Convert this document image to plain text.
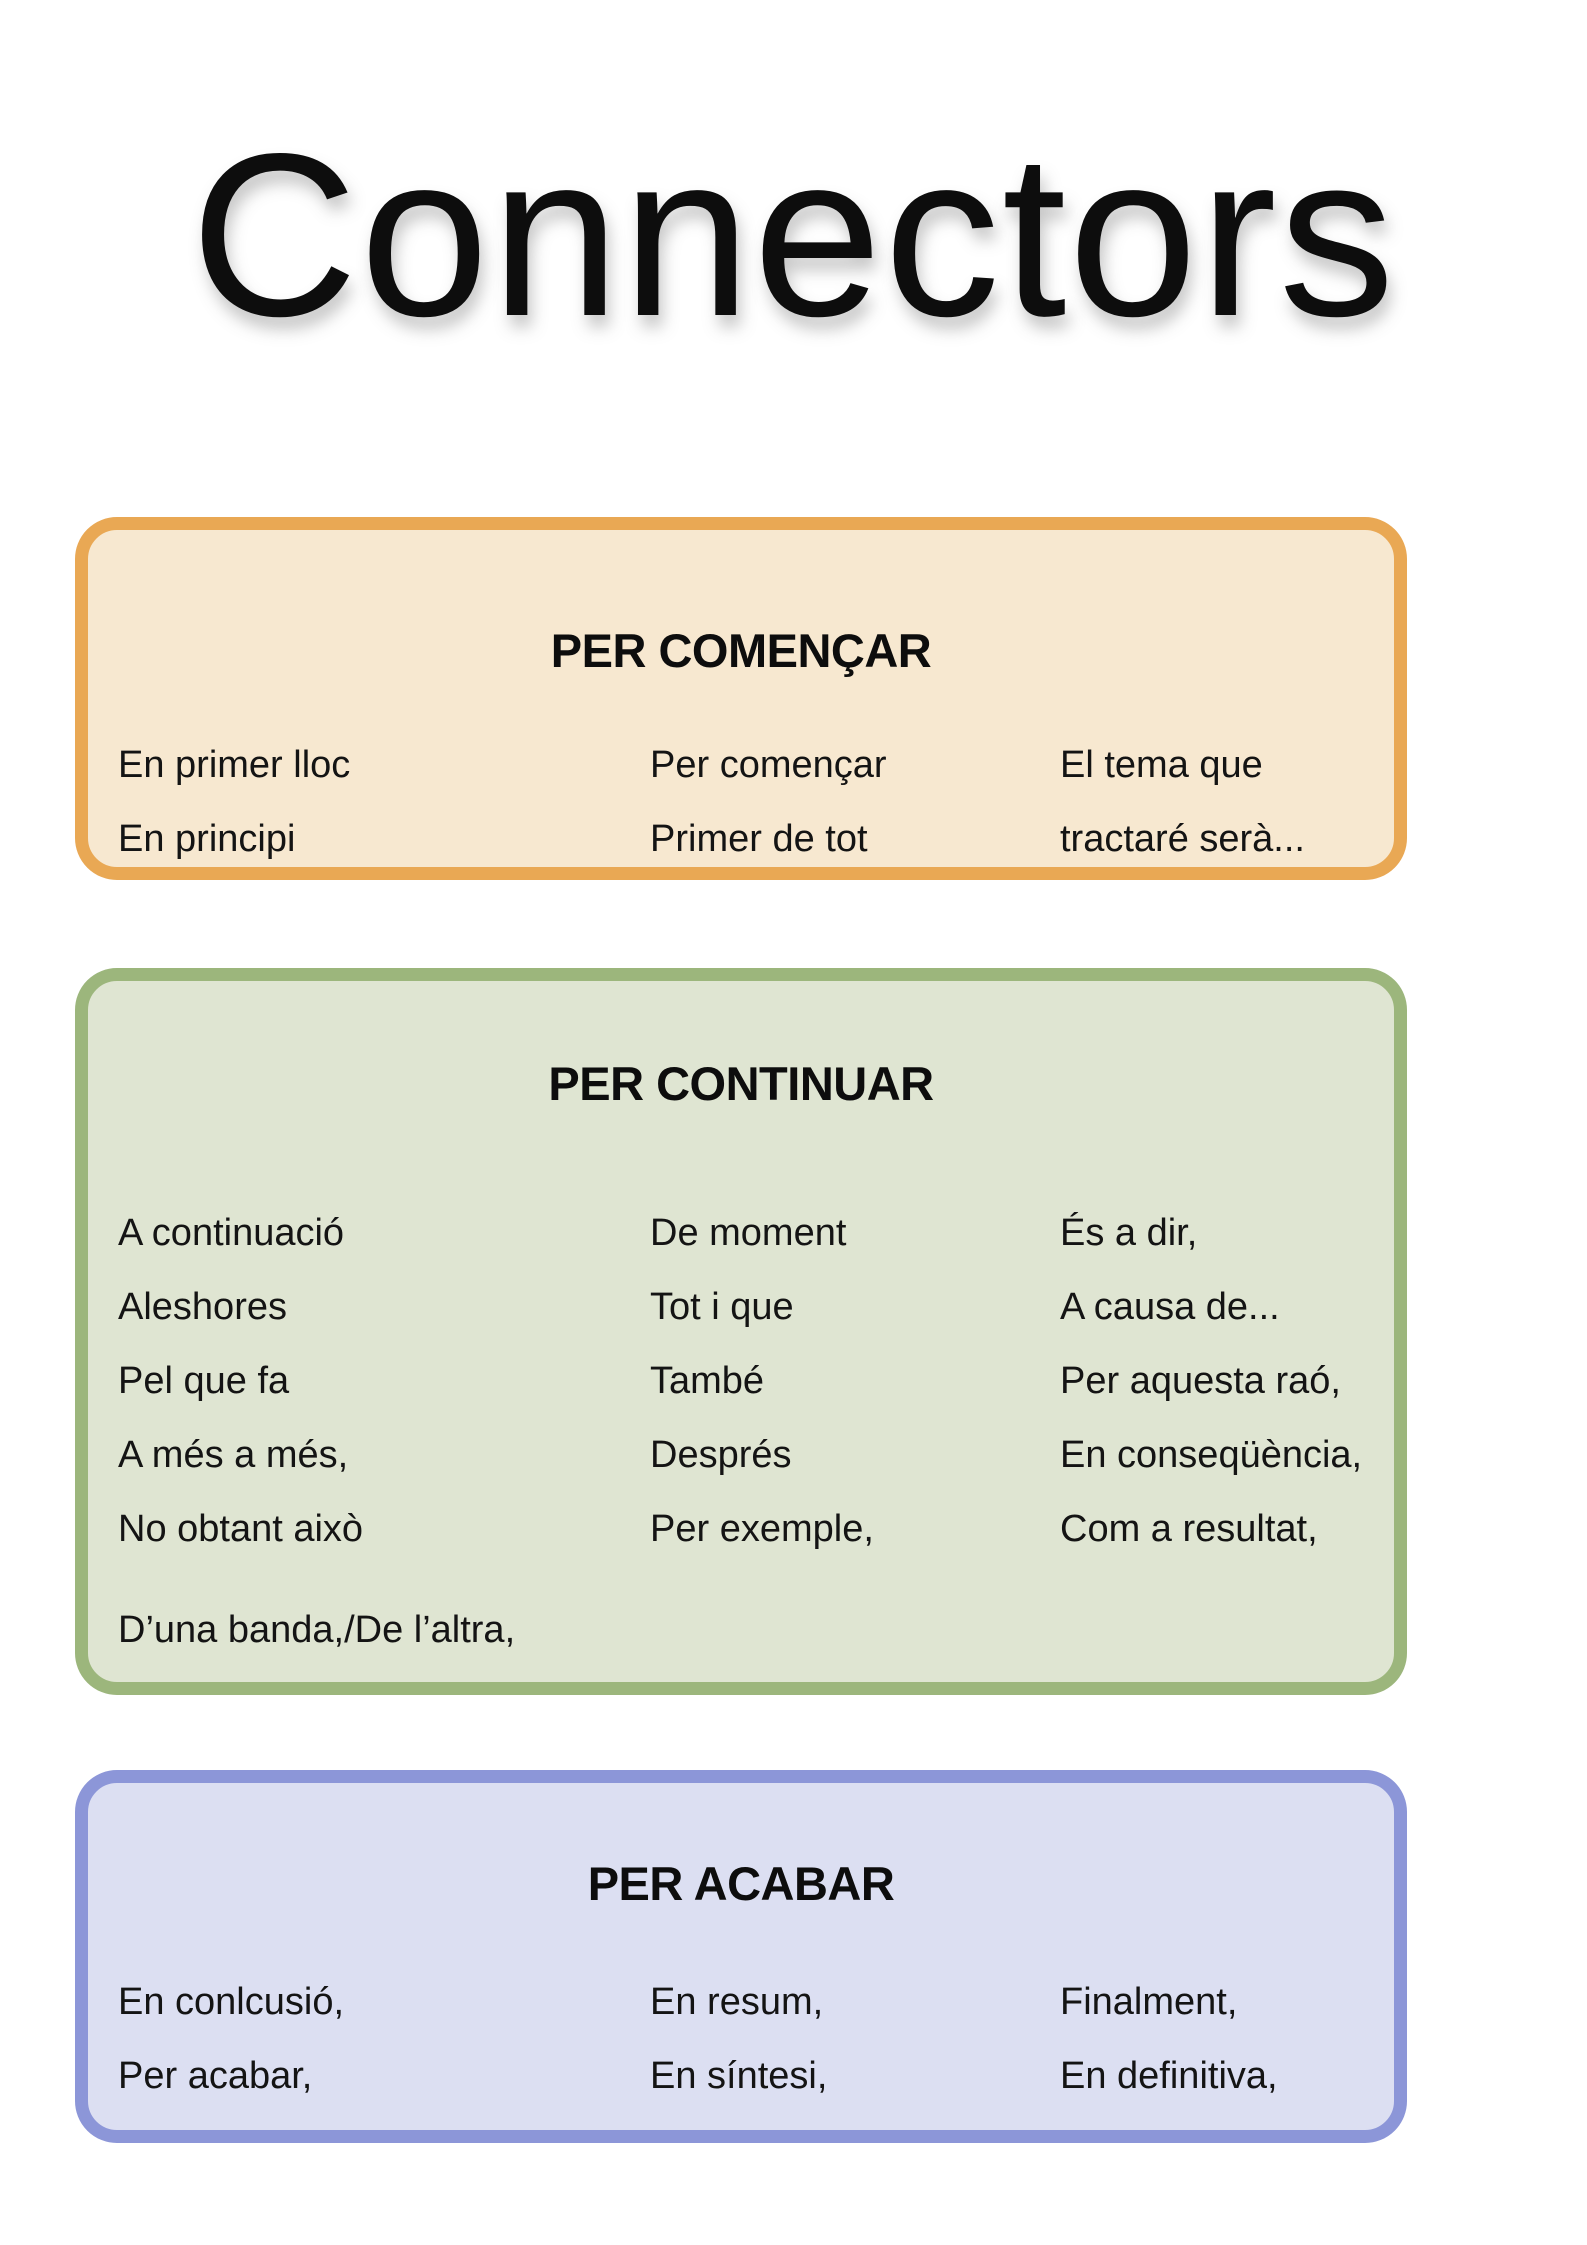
Connectors
PER COMENÇAR
En primer lloc
En principi
Per començar
Primer de tot
El tema que
tractaré serà...
PER CONTINUAR
A continuació
Aleshores
Pel que fa
A més a més,
No obtant això
De moment
Tot i que
També
Després
Per exemple,
És a dir,
A causa de...
Per aquesta raó,
En conseqüència,
Com a resultat,
D’una banda,/De l’altra,
PER ACABAR
En conlcusió,
Per acabar,
En resum,
En síntesi,
Finalment,
En definitiva,
